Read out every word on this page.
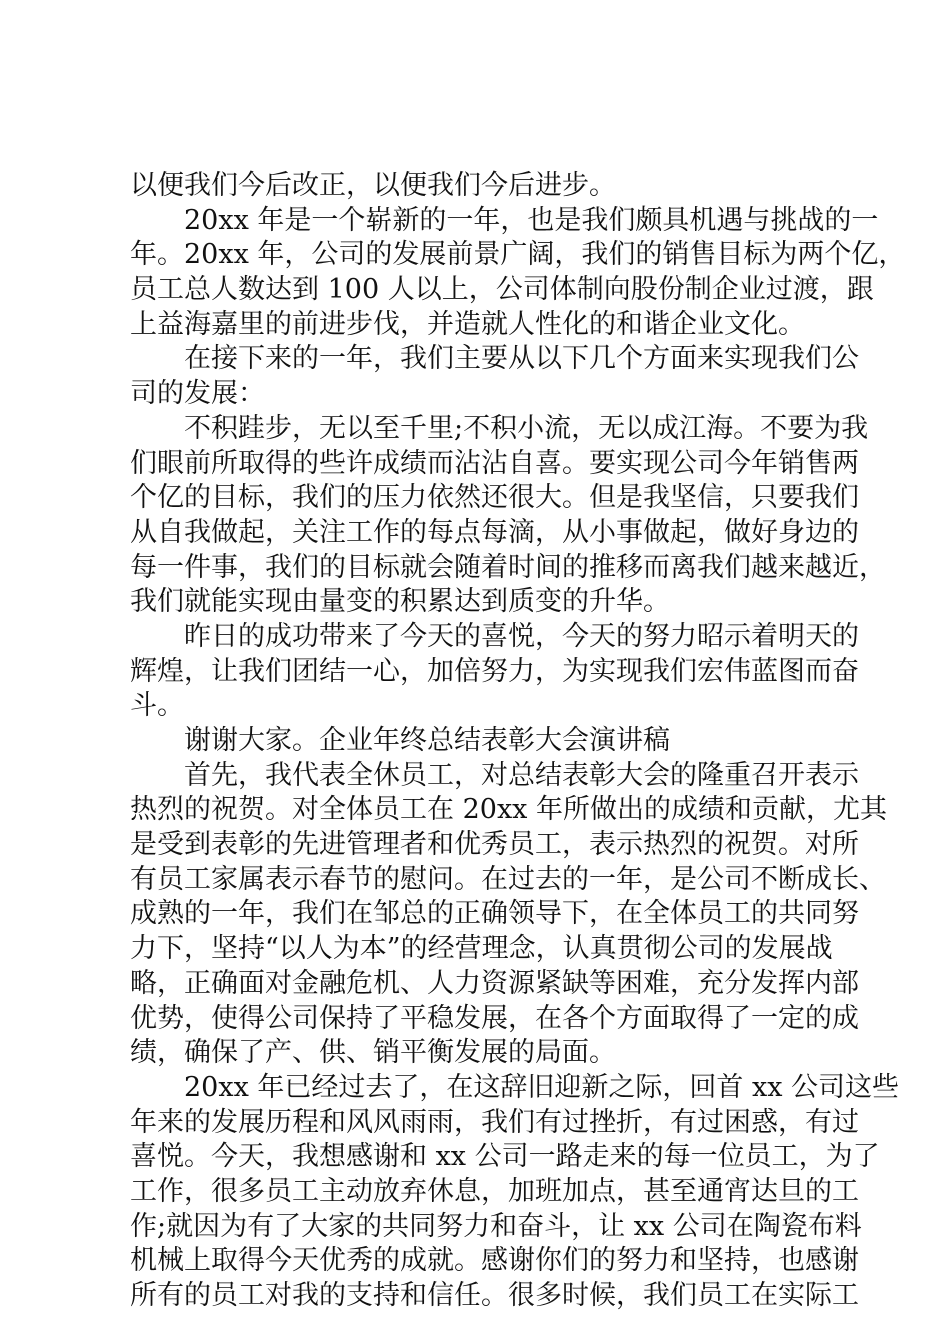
以便我们今后改正，以便我们今后进步。
20xx 年是一个崭新的一年，也是我们颇具机遇与挑战的一
年。20xx 年，公司的发展前景广阔，我们的销售目标为两个亿，
员工总人数达到 100 人以上，公司体制向股份制企业过渡，跟
上益海嘉里的前进步伐，并造就人性化的和谐企业文化。
在接下来的一年，我们主要从以下几个方面来实现我们公
司的发展：
不积跬步，无以至千里;不积小流，无以成江海。不要为我
们眼前所取得的些许成绩而沾沾自喜。要实现公司今年销售两
个亿的目标，我们的压力依然还很大。但是我坚信，只要我们
从自我做起，关注工作的每点每滴，从小事做起，做好身边的
每一件事，我们的目标就会随着时间的推移而离我们越来越近，
我们就能实现由量变的积累达到质变的升华。
昨日的成功带来了今天的喜悦，今天的努力昭示着明天的
辉煌，让我们团结一心，加倍努力，为实现我们宏伟蓝图而奋
斗。
谢谢大家。企业年终总结表彰大会演讲稿
首先，我代表全休员工，对总结表彰大会的隆重召开表示
热烈的祝贺。对全体员工在 20xx 年所做出的成绩和贡献，尤其
是受到表彰的先进管理者和优秀员工，表示热烈的祝贺。对所
有员工家属表示春节的慰问。在过去的一年，是公司不断成长、
成熟的一年，我们在邹总的正确领导下，在全体员工的共同努
力下，坚持“以人为本”的经营理念，认真贯彻公司的发展战
略，正确面对金融危机、人力资源紧缺等困难，充分发挥内部
优势，使得公司保持了平稳发展，在各个方面取得了一定的成
绩，确保了产、供、销平衡发展的局面。
20xx 年已经过去了，在这辞旧迎新之际，回首 xx 公司这些
年来的发展历程和风风雨雨，我们有过挫折，有过困惑，有过
喜悦。今天，我想感谢和 xx 公司一路走来的每一位员工，为了
工作，很多员工主动放弃休息，加班加点，甚至通宵达旦的工
作;就因为有了大家的共同努力和奋斗，让 xx 公司在陶瓷布料
机械上取得今天优秀的成就。感谢你们的努力和坚持，也感谢
所有的员工对我的支持和信任。很多时候，我们员工在实际工
